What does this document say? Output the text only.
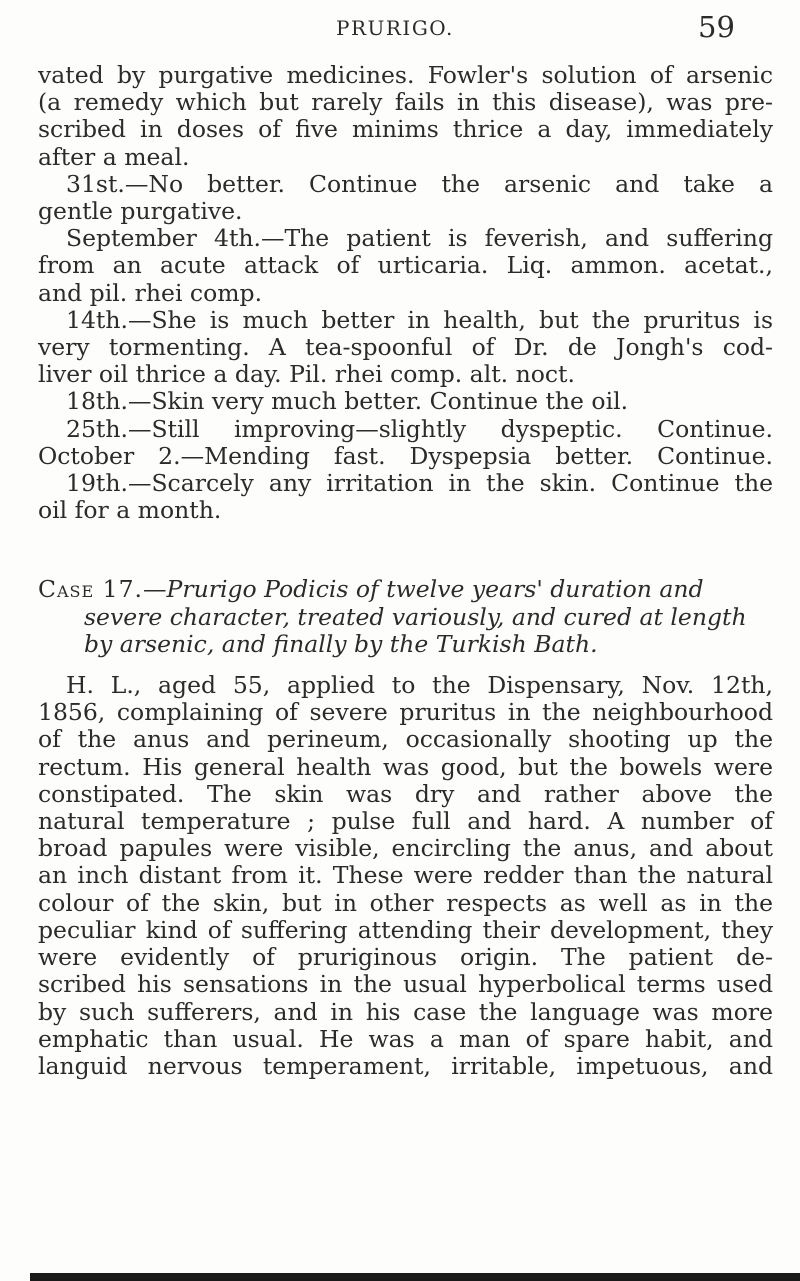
PRURIGO.	59
vated by purgative medicines. Fowler's solution of arsenic
(a remedy which but rarely fails in this disease), was pre-
scribed in doses of five minims thrice a day, immediately
after a meal.
31st.—No better. Continue the arsenic and take a
gentle purgative.
September 4th.—The patient is feverish, and suffering
from an acute attack of urticaria. Liq. ammon. acetat.,
and pil. rhei comp.
14th.—She is much better in health, but the pruritus is
very tormenting. A tea-spoonful of Dr. de Jongh's cod-
liver oil thrice a day. Pil. rhei comp. alt. noct.
18th.—Skin very much better. Continue the oil.
25th.—Still improving—slightly dyspeptic. Continue.
October 2.—Mending fast. Dyspepsia better. Continue.
19th.—Scarcely any irritation in the skin. Continue the
oil for a month.
Case 17.—Prurigo Podicis of twelve years' duration and
severe character, treated variously, and cured at length
by arsenic, and finally by the Turkish Bath.
H. L., aged 55, applied to the Dispensary, Nov. 12th,
1856, complaining of severe pruritus in the neighbourhood
of the anus and perineum, occasionally shooting up the
rectum. His general health was good, but the bowels were
constipated. The skin was dry and rather above the
natural temperature ; pulse full and hard. A number of
broad papules were visible, encircling the anus, and about
an inch distant from it. These were redder than the natural
colour of the skin, but in other respects as well as in the
peculiar kind of suffering attending their development, they
were evidently of pruriginous origin. The patient de-
scribed his sensations in the usual hyperbolical terms used
by such sufferers, and in his case the language was more
emphatic than usual. He was a man of spare habit, and
languid nervous temperament, irritable, impetuous, and
